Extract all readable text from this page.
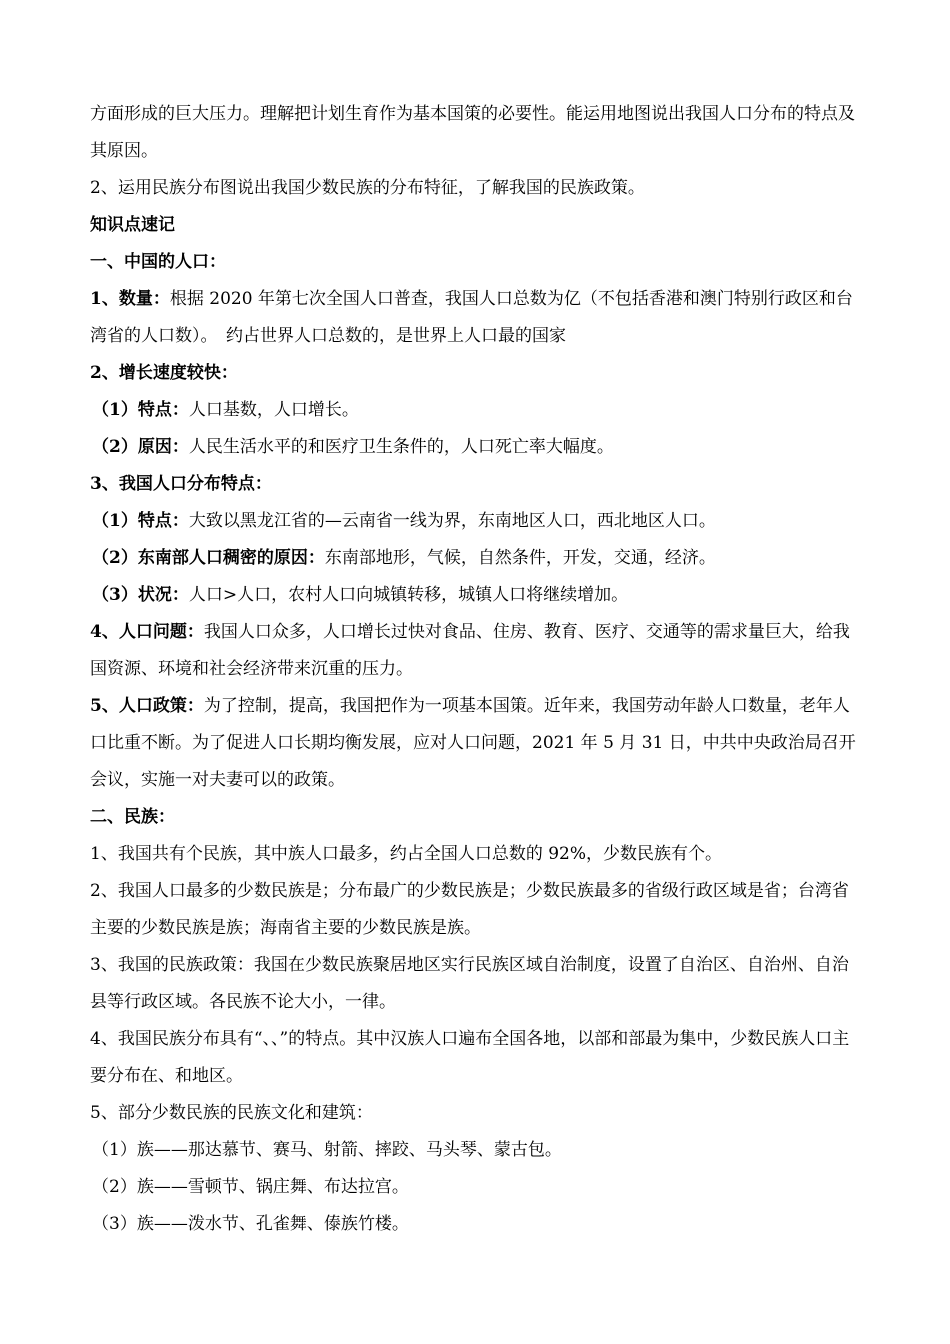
方面形成的巨大压力。理解把计划生育作为基本国策的必要性。能运用地图说出我国人口分布的特点及其原因。

2、运用民族分布图说出我国少数民族的分布特征，了解我国的民族政策。

知识点速记

一、中国的人口：

1、数量：根据 2020 年第七次全国人口普查，我国人口总数为亿（不包括香港和澳门特别行政区和台湾省的人口数）。　约占世界人口总数的，是世界上人口最的国家

2、增长速度较快：

（1）特点：人口基数，人口增长。

（2）原因：人民生活水平的和医疗卫生条件的，人口死亡率大幅度。

3、我国人口分布特点：

（1）特点：大致以黑龙江省的—云南省一线为界，东南地区人口，西北地区人口。

（2）东南部人口稠密的原因：东南部地形，气候，自然条件，开发，交通，经济。

（3）状况：人口>人口，农村人口向城镇转移，城镇人口将继续增加。

4、人口问题：我国人口众多，人口增长过快对食品、住房、教育、医疗、交通等的需求量巨大，给我国资源、环境和社会经济带来沉重的压力。

5、人口政策：为了控制，提高，我国把作为一项基本国策。近年来，我国劳动年龄人口数量，老年人口比重不断。为了促进人口长期均衡发展，应对人口问题，2021 年 5 月 31 日，中共中央政治局召开会议，实施一对夫妻可以的政策。

二、民族：

1、我国共有个民族，其中族人口最多，约占全国人口总数的 92%，少数民族有个。

2、我国人口最多的少数民族是；分布最广的少数民族是；少数民族最多的省级行政区域是省；台湾省主要的少数民族是族；海南省主要的少数民族是族。

3、我国的民族政策：我国在少数民族聚居地区实行民族区域自治制度，设置了自治区、自治州、自治县等行政区域。各民族不论大小，一律。

4、我国民族分布具有“、、”的特点。其中汉族人口遍布全国各地，以部和部最为集中，少数民族人口主要分布在、和地区。

5、部分少数民族的民族文化和建筑：

（1）族——那达慕节、赛马、射箭、摔跤、马头琴、蒙古包。

（2）族——雪顿节、锅庄舞、布达拉宫。

（3）族——泼水节、孔雀舞、傣族竹楼。
